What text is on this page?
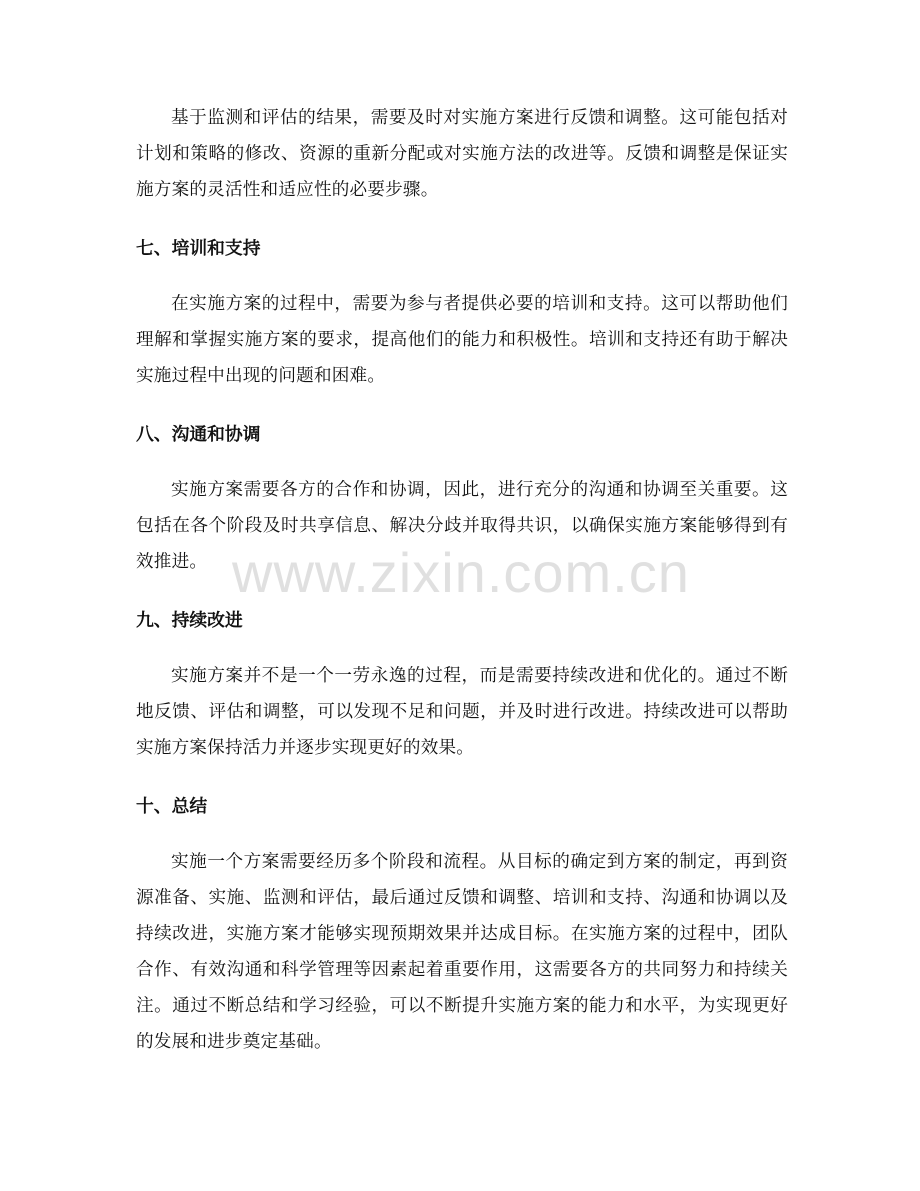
基于监测和评估的结果，需要及时对实施方案进行反馈和调整。这可能包括对计划和策略的修改、资源的重新分配或对实施方法的改进等。反馈和调整是保证实施方案的灵活性和适应性的必要步骤。

七、培训和支持

在实施方案的过程中，需要为参与者提供必要的培训和支持。这可以帮助他们理解和掌握实施方案的要求，提高他们的能力和积极性。培训和支持还有助于解决实施过程中出现的问题和困难。

八、沟通和协调

实施方案需要各方的合作和协调，因此，进行充分的沟通和协调至关重要。这包括在各个阶段及时共享信息、解决分歧并取得共识，以确保实施方案能够得到有效推进。

九、持续改进

实施方案并不是一个一劳永逸的过程，而是需要持续改进和优化的。通过不断地反馈、评估和调整，可以发现不足和问题，并及时进行改进。持续改进可以帮助实施方案保持活力并逐步实现更好的效果。

十、总结

实施一个方案需要经历多个阶段和流程。从目标的确定到方案的制定，再到资源准备、实施、监测和评估，最后通过反馈和调整、培训和支持、沟通和协调以及持续改进，实施方案才能够实现预期效果并达成目标。在实施方案的过程中，团队合作、有效沟通和科学管理等因素起着重要作用，这需要各方的共同努力和持续关注。通过不断总结和学习经验，可以不断提升实施方案的能力和水平，为实现更好的发展和进步奠定基础。

www.zixin.com.cn
